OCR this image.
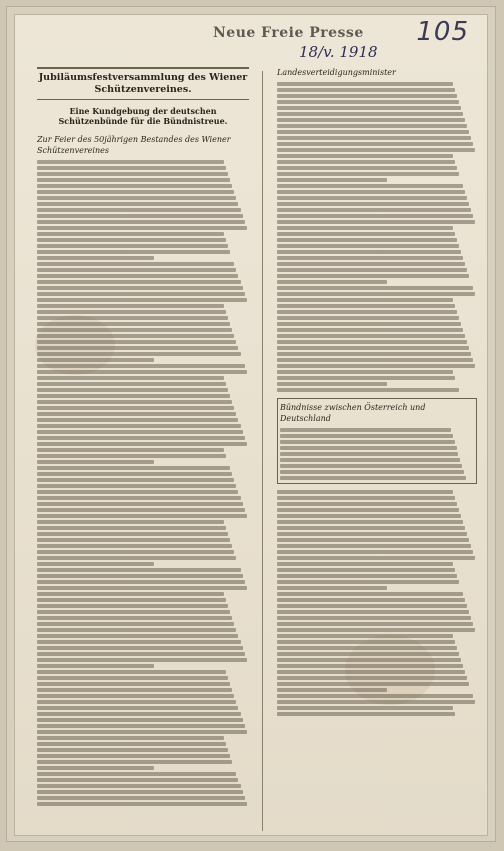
105
Neue Freie Presse
18/v. 1918
Jubiläumsfestversammlung des Wiener Schützenvereines.
Eine Kundgebung der deutschen Schützenbünde für die Bündnistreue.
Zur Feier des 50jährigen Bestandes des Wiener Schützenvereines
Landesverteidigungsminister
Bündnisse zwischen Österreich und Deutschland
